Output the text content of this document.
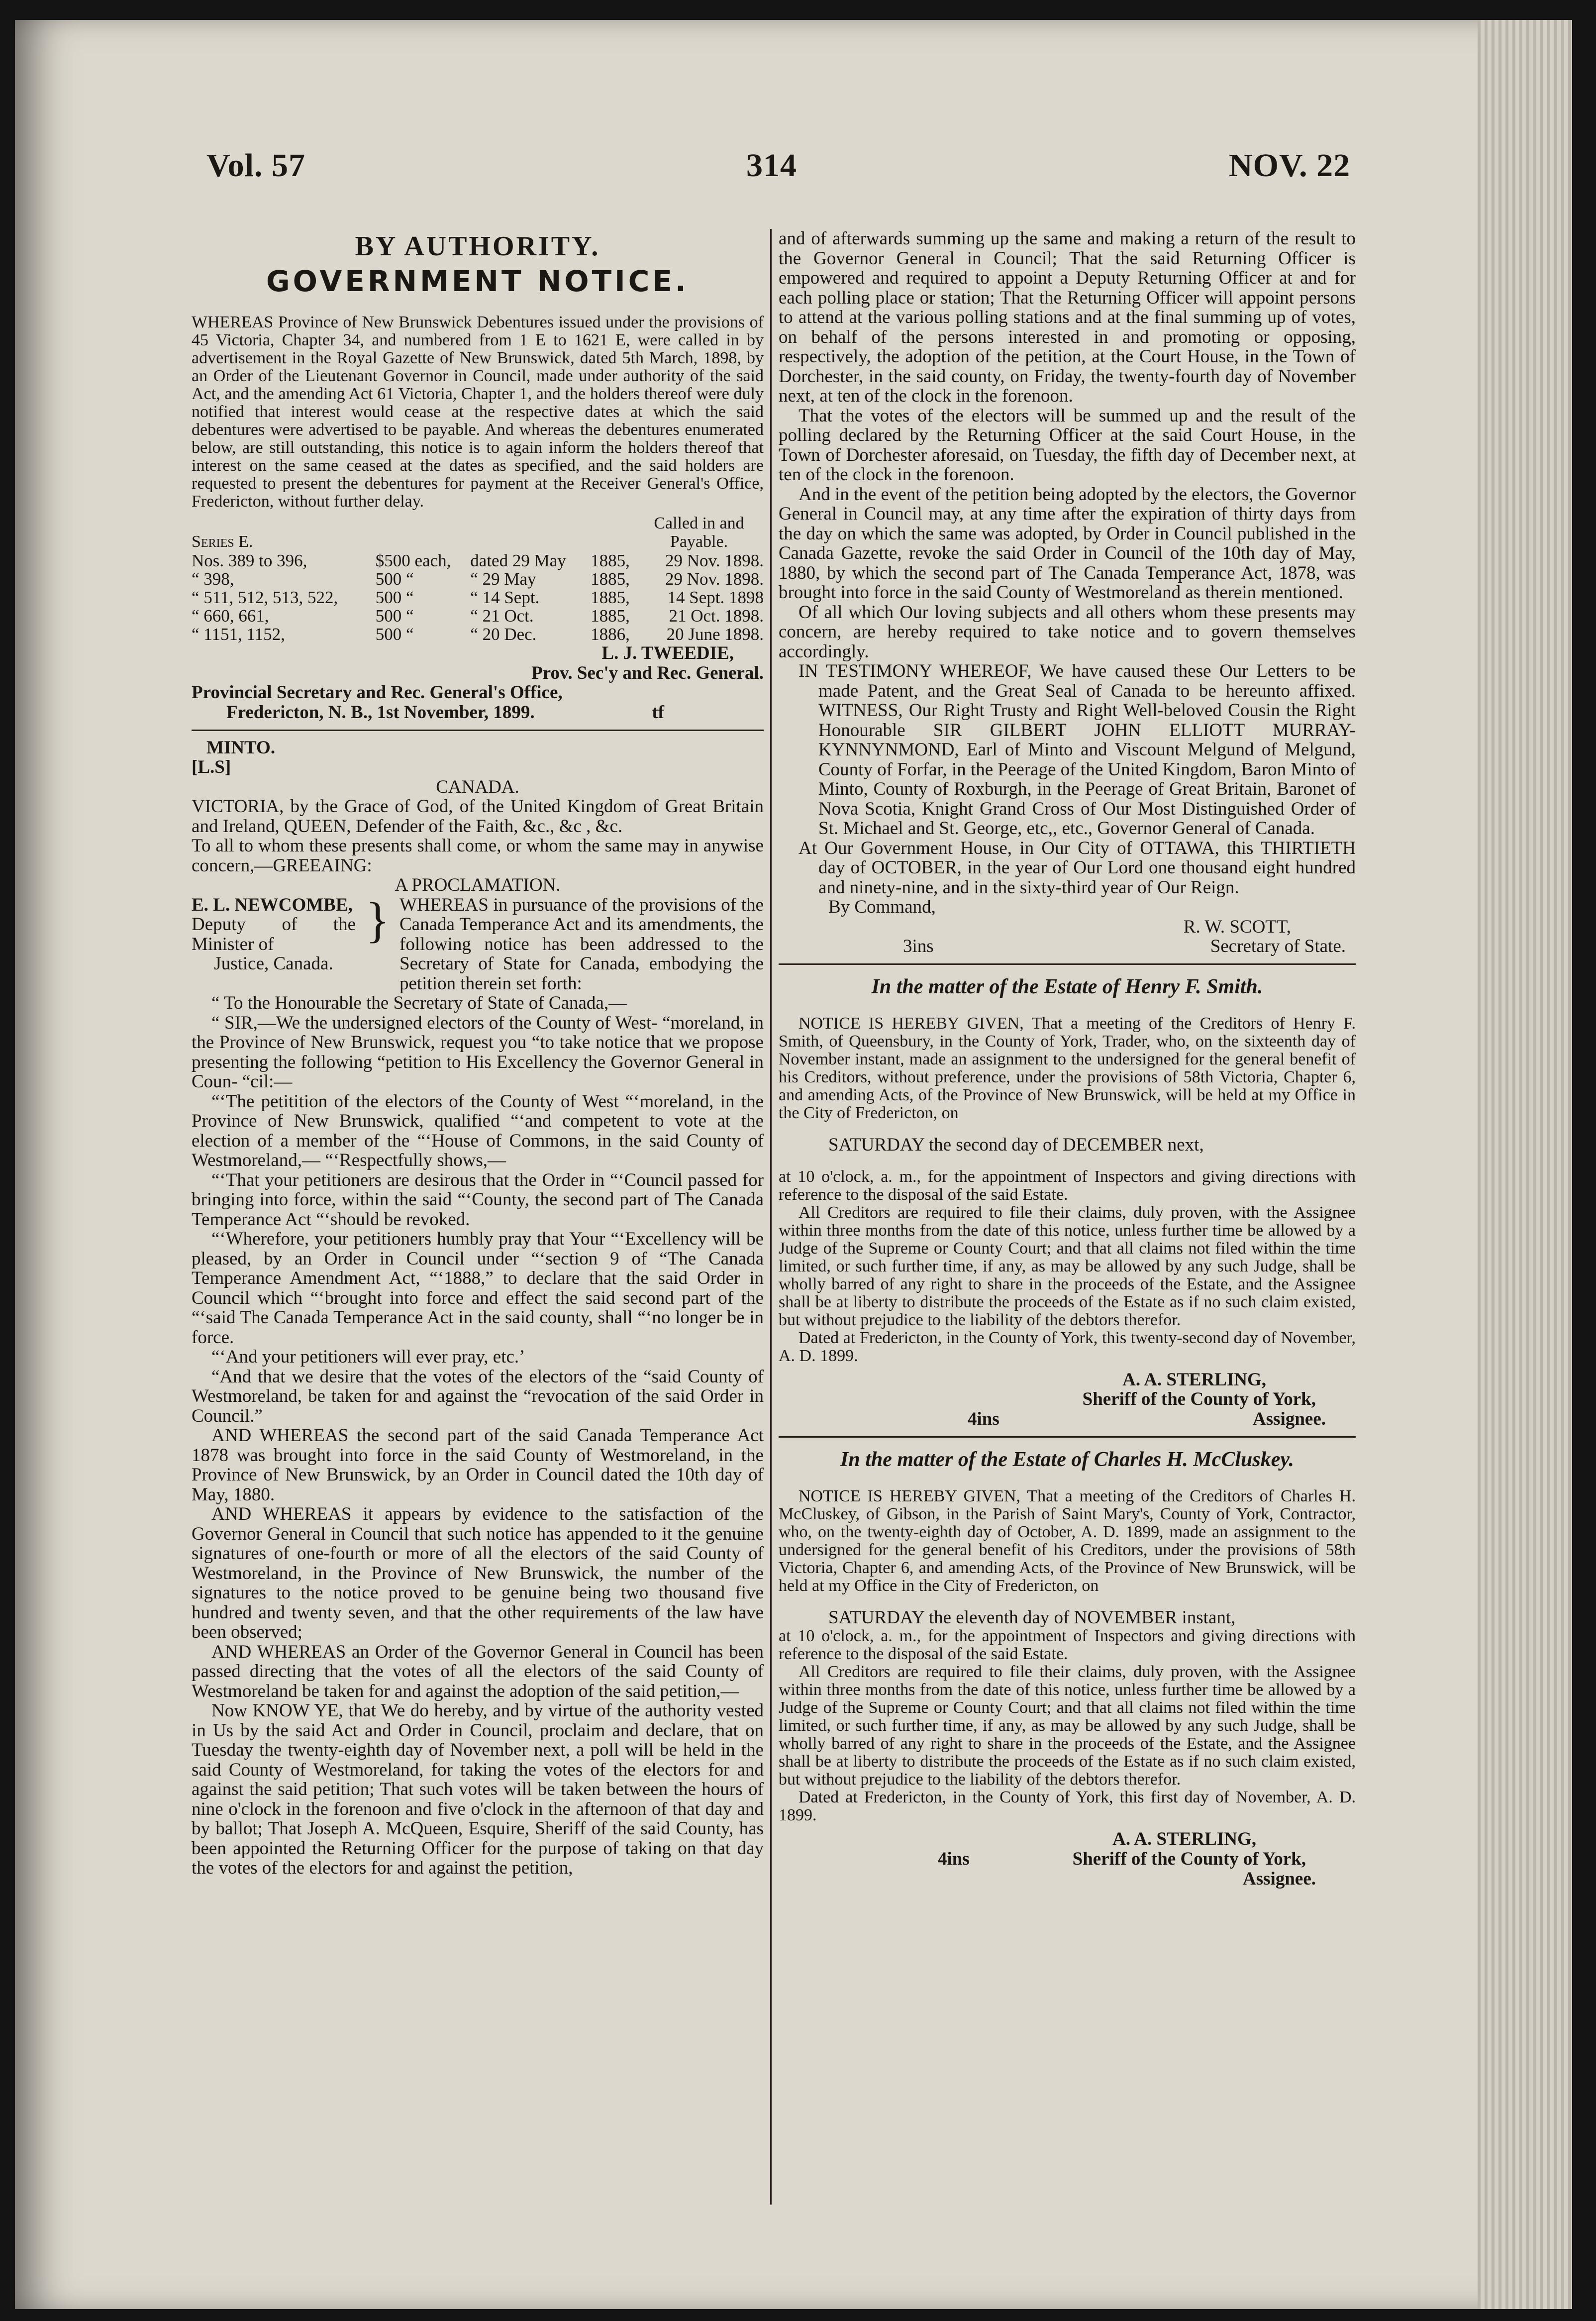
Vol. 57	314	NOV. 22
BY AUTHORITY.
GOVERNMENT NOTICE.

WHEREAS Province of New Brunswick Debentures issued under the provisions of 45 Victoria, Chapter 34, and numbered from 1 E to 1621 E, were called in by advertisement in the Royal Gazette of New Brunswick, dated 5th March, 1898, by an Order of the Lieutenant Governor in Council, made under authority of the said Act, and the amending Act 61 Victoria, Chapter 1, and the holders thereof were duly notified that interest would cease at the respective dates at which the said debentures were advertised to be payable. And whereas the debentures enumerated below, are still outstanding, this notice is to again inform the holders thereof that interest on the same ceased at the dates as specified, and the said holders are requested to present the debentures for payment at the Receiver General's Office, Fredericton, without further delay.

Called in and
Payable.
Series E.
Nos. 389 to 396,	$500 each,	dated 29 May	1885,	29 Nov. 1898.
“ 398,	500 “	“ 29 May	1885,	29 Nov. 1898.
“ 511, 512, 513, 522,	500 “	“ 14 Sept.	1885,	14 Sept. 1898
“ 660, 661,	500 “	“ 21 Oct.	1885,	21 Oct. 1898.
“ 1151, 1152,	500 “	“ 20 Dec.	1886,	20 June 1898.

L. J. TWEEDIE,

Prov. Sec'y and Rec. General.

Provincial Secretary and Rec. General's Office,

Fredericton, N. B., 1st November, 1899.	tf

MINTO.

[L.S]

CANADA.

VICTORIA, by the Grace of God, of the United Kingdom of Great Britain and Ireland, QUEEN, Defender of the Faith, &c., &c , &c.

To all to whom these presents shall come, or whom the same may in anywise concern,—GREEAING:

A PROCLAMATION.

E. L. NEWCOMBE,

Deputy of the Minister of

Justice, Canada.

} WHEREAS in pursuance of the provisions of the Canada Temperance Act and its amendments, the following notice has been addressed to the Secretary of State for Canada, embodying the petition therein set forth:

“ To the Honourable the Secretary of State of Canada,—

“ SIR,—We the undersigned electors of the County of West- “moreland, in the Province of New Brunswick, request you “to take notice that we propose presenting the following “petition to His Excellency the Governor General in Coun- “cil:—

“‘The petitition of the electors of the County of West “‘moreland, in the Province of New Brunswick, qualified “‘and competent to vote at the election of a member of the “‘House of Commons, in the said County of Westmoreland,— “‘Respectfully shows,—

“‘That your petitioners are desirous that the Order in “‘Council passed for bringing into force, within the said “‘County, the second part of The Canada Temperance Act “‘should be revoked.

“‘Wherefore, your petitioners humbly pray that Your “‘Excellency will be pleased, by an Order in Council under “‘section 9 of “The Canada Temperance Amendment Act, “‘1888,” to declare that the said Order in Council which “‘brought into force and effect the said second part of the “‘said The Canada Temperance Act in the said county, shall “‘no longer be in force.

“‘And your petitioners will ever pray, etc.’

“And that we desire that the votes of the electors of the “said County of Westmoreland, be taken for and against the “revocation of the said Order in Council.”

AND WHEREAS the second part of the said Canada Temperance Act 1878 was brought into force in the said County of Westmoreland, in the Province of New Brunswick, by an Order in Council dated the 10th day of May, 1880.

AND WHEREAS it appears by evidence to the satisfaction of the Governor General in Council that such notice has appended to it the genuine signatures of one-fourth or more of all the electors of the said County of Westmoreland, in the Province of New Brunswick, the number of the signatures to the notice proved to be genuine being two thousand five hundred and twenty seven, and that the other requirements of the law have been observed;

AND WHEREAS an Order of the Governor General in Council has been passed directing that the votes of all the electors of the said County of Westmoreland be taken for and against the adoption of the said petition,—

Now KNOW YE, that We do hereby, and by virtue of the authority vested in Us by the said Act and Order in Council, proclaim and declare, that on Tuesday the twenty-eighth day of November next, a poll will be held in the said County of Westmoreland, for taking the votes of the electors for and against the said petition; That such votes will be taken between the hours of nine o'clock in the forenoon and five o'clock in the afternoon of that day and by ballot; That Joseph A. McQueen, Esquire, Sheriff of the said County, has been appointed the Returning Officer for the purpose of taking on that day the votes of the electors for and against the petition,

and of afterwards summing up the same and making a return of the result to the Governor General in Council; That the said Returning Officer is empowered and required to appoint a Deputy Returning Officer at and for each polling place or station; That the Returning Officer will appoint persons to attend at the various polling stations and at the final summing up of votes, on behalf of the persons interested in and promoting or opposing, respectively, the adoption of the petition, at the Court House, in the Town of Dorchester, in the said county, on Friday, the twenty-fourth day of November next, at ten of the clock in the forenoon.

That the votes of the electors will be summed up and the result of the polling declared by the Returning Officer at the said Court House, in the Town of Dorchester aforesaid, on Tuesday, the fifth day of December next, at ten of the clock in the forenoon.

And in the event of the petition being adopted by the electors, the Governor General in Council may, at any time after the expiration of thirty days from the day on which the same was adopted, by Order in Council published in the Canada Gazette, revoke the said Order in Council of the 10th day of May, 1880, by which the second part of The Canada Temperance Act, 1878, was brought into force in the said County of Westmoreland as therein mentioned.

Of all which Our loving subjects and all others whom these presents may concern, are hereby required to take notice and to govern themselves accordingly.

IN TESTIMONY WHEREOF, We have caused these Our Letters to be made Patent, and the Great Seal of Canada to be hereunto affixed. WITNESS, Our Right Trusty and Right Well-beloved Cousin the Right Honourable SIR GILBERT JOHN ELLIOTT MURRAY-KYNNYNMOND, Earl of Minto and Viscount Melgund of Melgund, County of Forfar, in the Peerage of the United Kingdom, Baron Minto of Minto, County of Roxburgh, in the Peerage of Great Britain, Baronet of Nova Scotia, Knight Grand Cross of Our Most Distinguished Order of St. Michael and St. George, etc,, etc., Governor General of Canada.

At Our Government House, in Our City of OTTAWA, this THIRTIETH day of OCTOBER, in the year of Our Lord one thousand eight hundred and ninety-nine, and in the sixty-third year of Our Reign.

By Command,

R. W. SCOTT,

3ins	Secretary of State.
In the matter of the Estate of Henry F. Smith.

NOTICE IS HEREBY GIVEN, That a meeting of the Creditors of Henry F. Smith, of Queensbury, in the County of York, Trader, who, on the sixteenth day of November instant, made an assignment to the undersigned for the general benefit of his Creditors, without preference, under the provisions of 58th Victoria, Chapter 6, and amending Acts, of the Province of New Brunswick, will be held at my Office in the City of Fredericton, on

SATURDAY the second day of DECEMBER next,

at 10 o'clock, a. m., for the appointment of Inspectors and giving directions with reference to the disposal of the said Estate.

All Creditors are required to file their claims, duly proven, with the Assignee within three months from the date of this notice, unless further time be allowed by a Judge of the Supreme or County Court; and that all claims not filed within the time limited, or such further time, if any, as may be allowed by any such Judge, shall be wholly barred of any right to share in the proceeds of the Estate, and the Assignee shall be at liberty to distribute the proceeds of the Estate as if no such claim existed, but without prejudice to the liability of the debtors therefor.

Dated at Fredericton, in the County of York, this twenty-second day of November, A. D. 1899.

A. A. STERLING,

Sheriff of the County of York,

4ins	Assignee.
In the matter of the Estate of Charles H. McCluskey.

NOTICE IS HEREBY GIVEN, That a meeting of the Creditors of Charles H. McCluskey, of Gibson, in the Parish of Saint Mary's, County of York, Contractor, who, on the twenty-eighth day of October, A. D. 1899, made an assignment to the undersigned for the general benefit of his Creditors, under the provisions of 58th Victoria, Chapter 6, and amending Acts, of the Province of New Brunswick, will be held at my Office in the City of Fredericton, on

SATURDAY the eleventh day of NOVEMBER instant,

at 10 o'clock, a. m., for the appointment of Inspectors and giving directions with reference to the disposal of the said Estate.

All Creditors are required to file their claims, duly proven, with the Assignee within three months from the date of this notice, unless further time be allowed by a Judge of the Supreme or County Court; and that all claims not filed within the time limited, or such further time, if any, as may be allowed by any such Judge, shall be wholly barred of any right to share in the proceeds of the Estate, and the Assignee shall be at liberty to distribute the proceeds of the Estate as if no such claim existed, but without prejudice to the liability of the debtors therefor.

Dated at Fredericton, in the County of York, this first day of November, A. D. 1899.

A. A. STERLING,

4ins	Sheriff of the County of York,

Assignee.
